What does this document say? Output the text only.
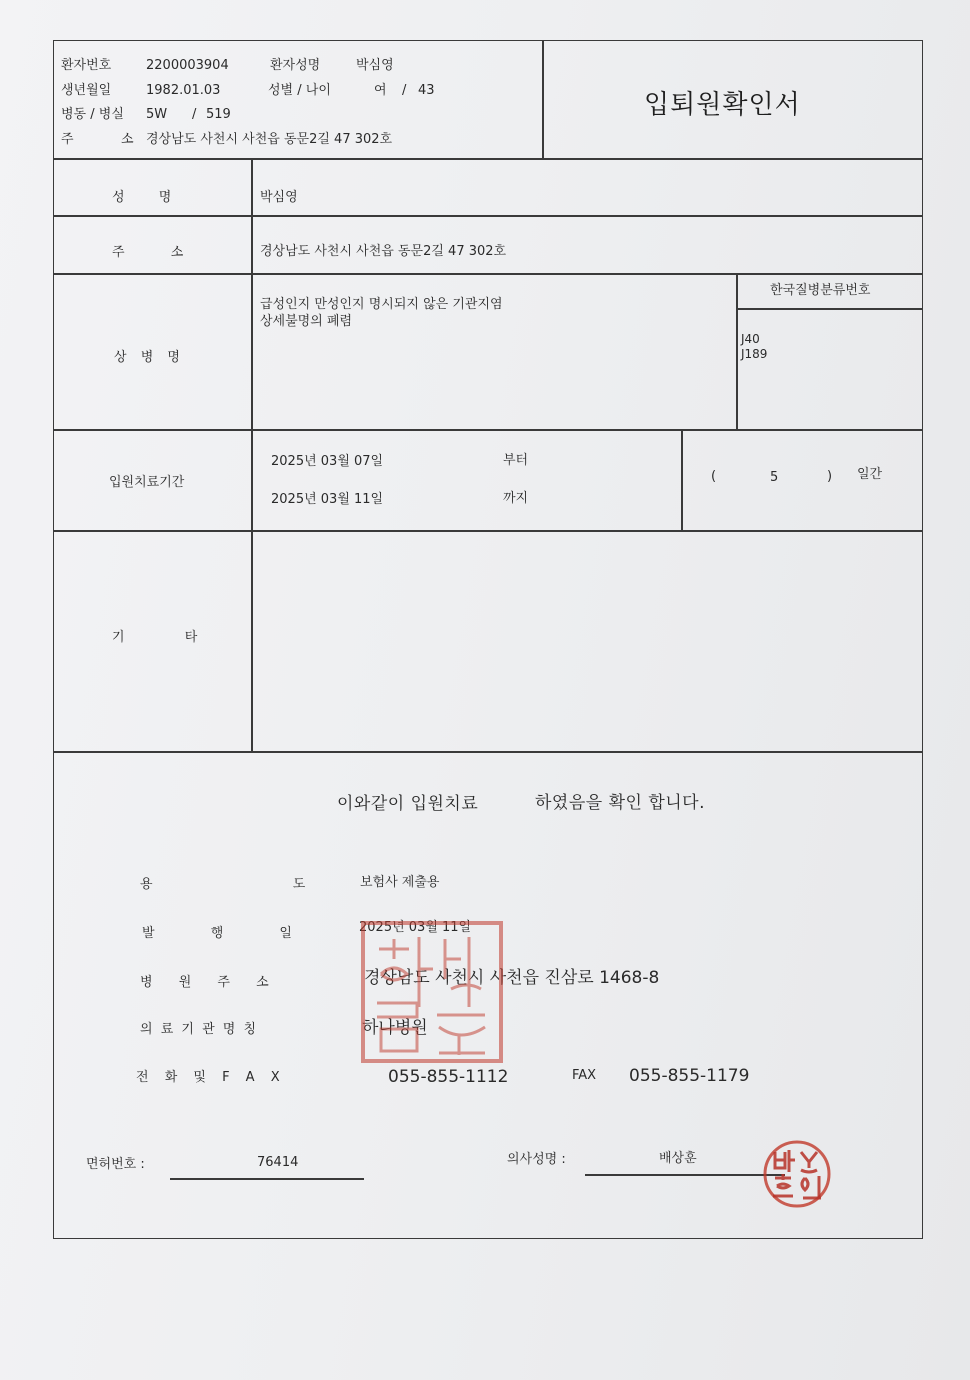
환자번호	2200003904	환자성명	박심영
생년월일	1982.01.03	성별 / 나이	여 / 43
병동 / 병실 5W / 519
주	소 경상남도 사천시 사천읍 동문2길 47 302호
입퇴원확인서
성 명	박심영
주 소	경상남도 사천시 사천읍 동문2길 47 302호
상 병 명
급성인지 만성인지 명시되지 않은 기관지염
상세불명의 폐렴
한국질병분류번호
J40
J189
입원치료기간
2025년 03월 07일	부터
2025년 03월 11일	까지
(	5	) 일간
기 타
이와같이 입원치료	하였음을 확인 합니다.
용 도	보험사 제출용
발 행 일	2025년 03월 11일
병 원 주 소	경상남도 사천시 사천읍 진삼로 1468-8
의 료 기 관 명 칭	하나병원
전 화 및 F A X	055-855-1112	FAX 055-855-1179
면허번호 :	76414	의사성명 :	배상훈
